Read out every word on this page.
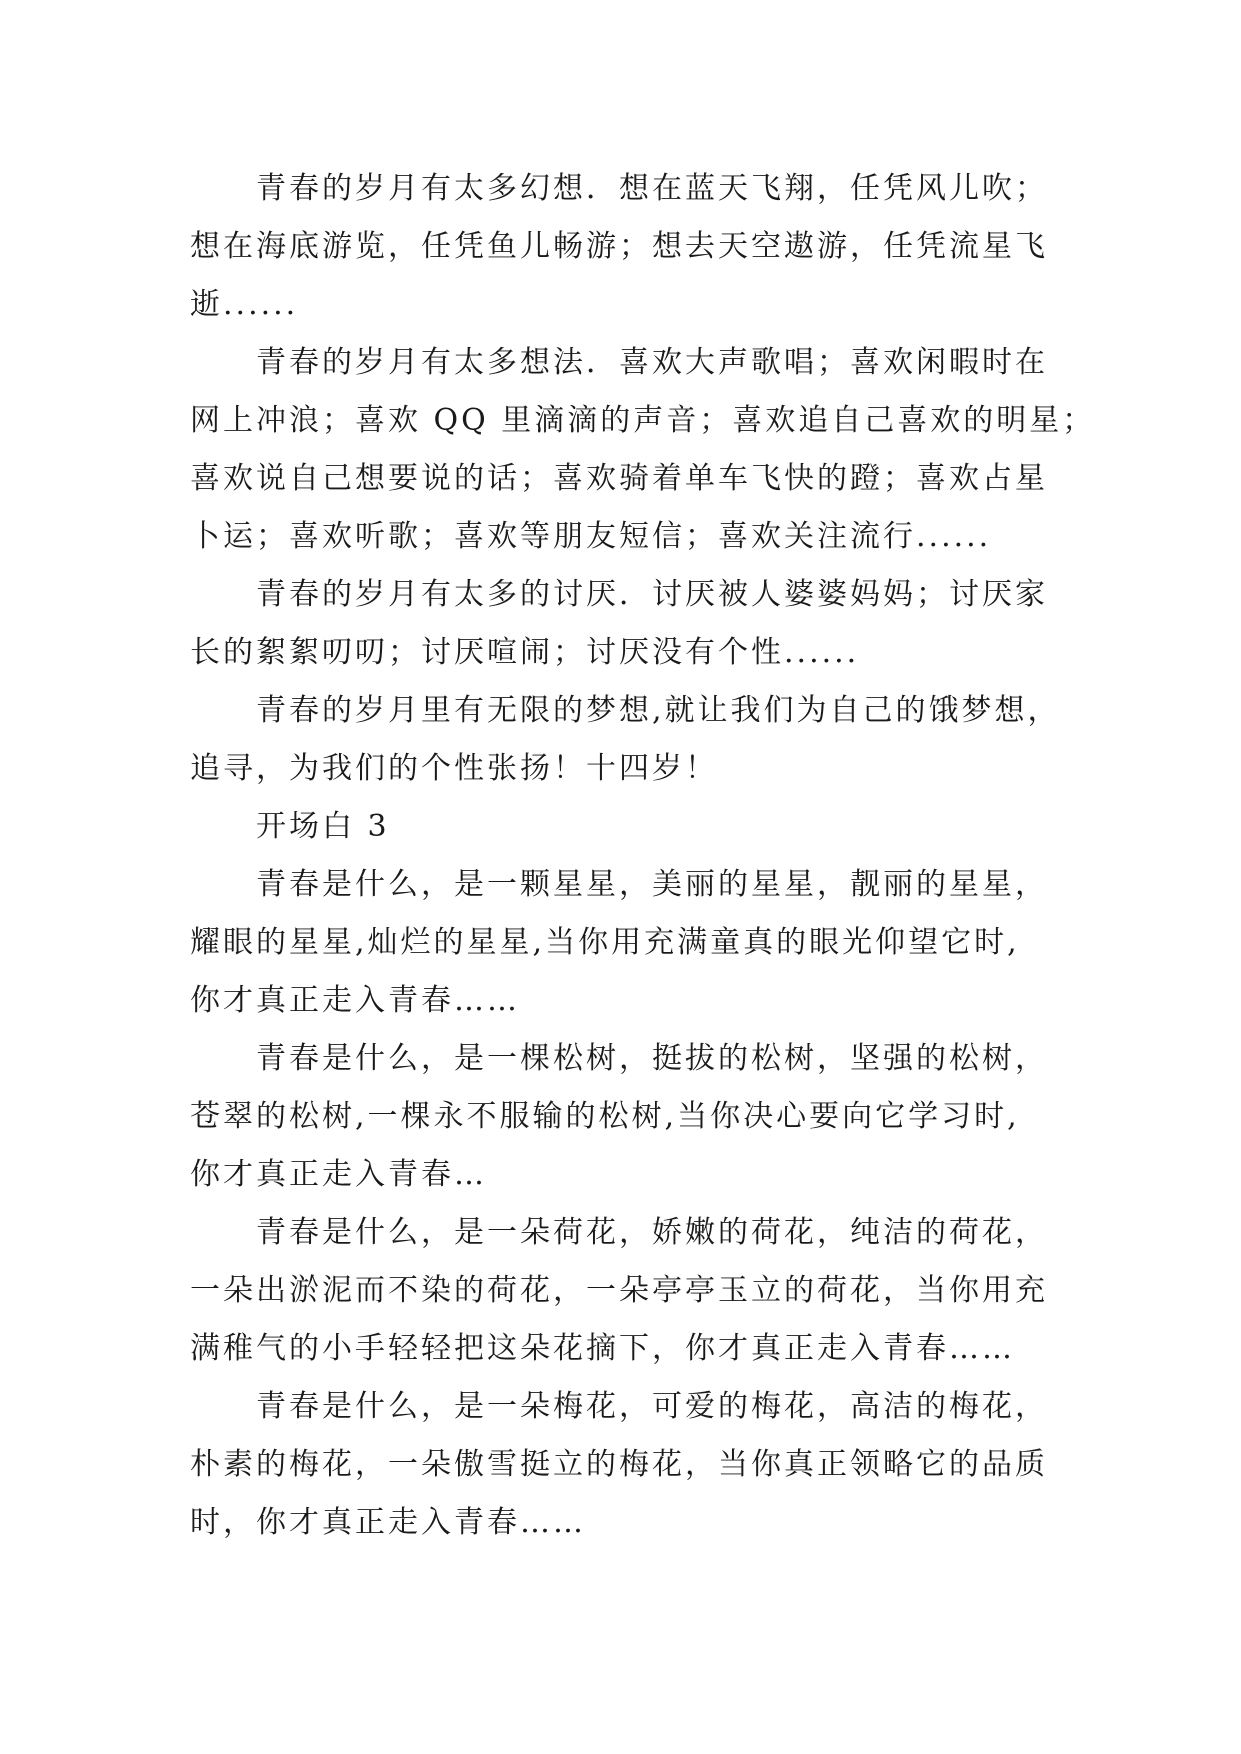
青春的岁月有太多幻想．想在蓝天飞翔，任凭风儿吹；
想在海底游览，任凭鱼儿畅游；想去天空遨游，任凭流星飞
逝......
青春的岁月有太多想法．喜欢大声歌唱；喜欢闲暇时在
网上冲浪；喜欢 QQ 里滴滴的声音；喜欢追自己喜欢的明星；
喜欢说自己想要说的话；喜欢骑着单车飞快的蹬；喜欢占星
卜运；喜欢听歌；喜欢等朋友短信；喜欢关注流行......
青春的岁月有太多的讨厌．讨厌被人婆婆妈妈；讨厌家
长的絮絮叨叨；讨厌喧闹；讨厌没有个性......
青春的岁月里有无限的梦想,就让我们为自己的饿梦想，
追寻，为我们的个性张扬！十四岁！
开场白 3
青春是什么，是一颗星星，美丽的星星，靓丽的星星，
耀眼的星星,灿烂的星星,当你用充满童真的眼光仰望它时,
你才真正走入青春……
青春是什么，是一棵松树，挺拔的松树，坚强的松树，
苍翠的松树,一棵永不服输的松树,当你决心要向它学习时,
你才真正走入青春…
青春是什么，是一朵荷花，娇嫩的荷花，纯洁的荷花，
一朵出淤泥而不染的荷花，一朵亭亭玉立的荷花，当你用充
满稚气的小手轻轻把这朵花摘下，你才真正走入青春……
青春是什么，是一朵梅花，可爱的梅花，高洁的梅花，
朴素的梅花，一朵傲雪挺立的梅花，当你真正领略它的品质
时，你才真正走入青春……
